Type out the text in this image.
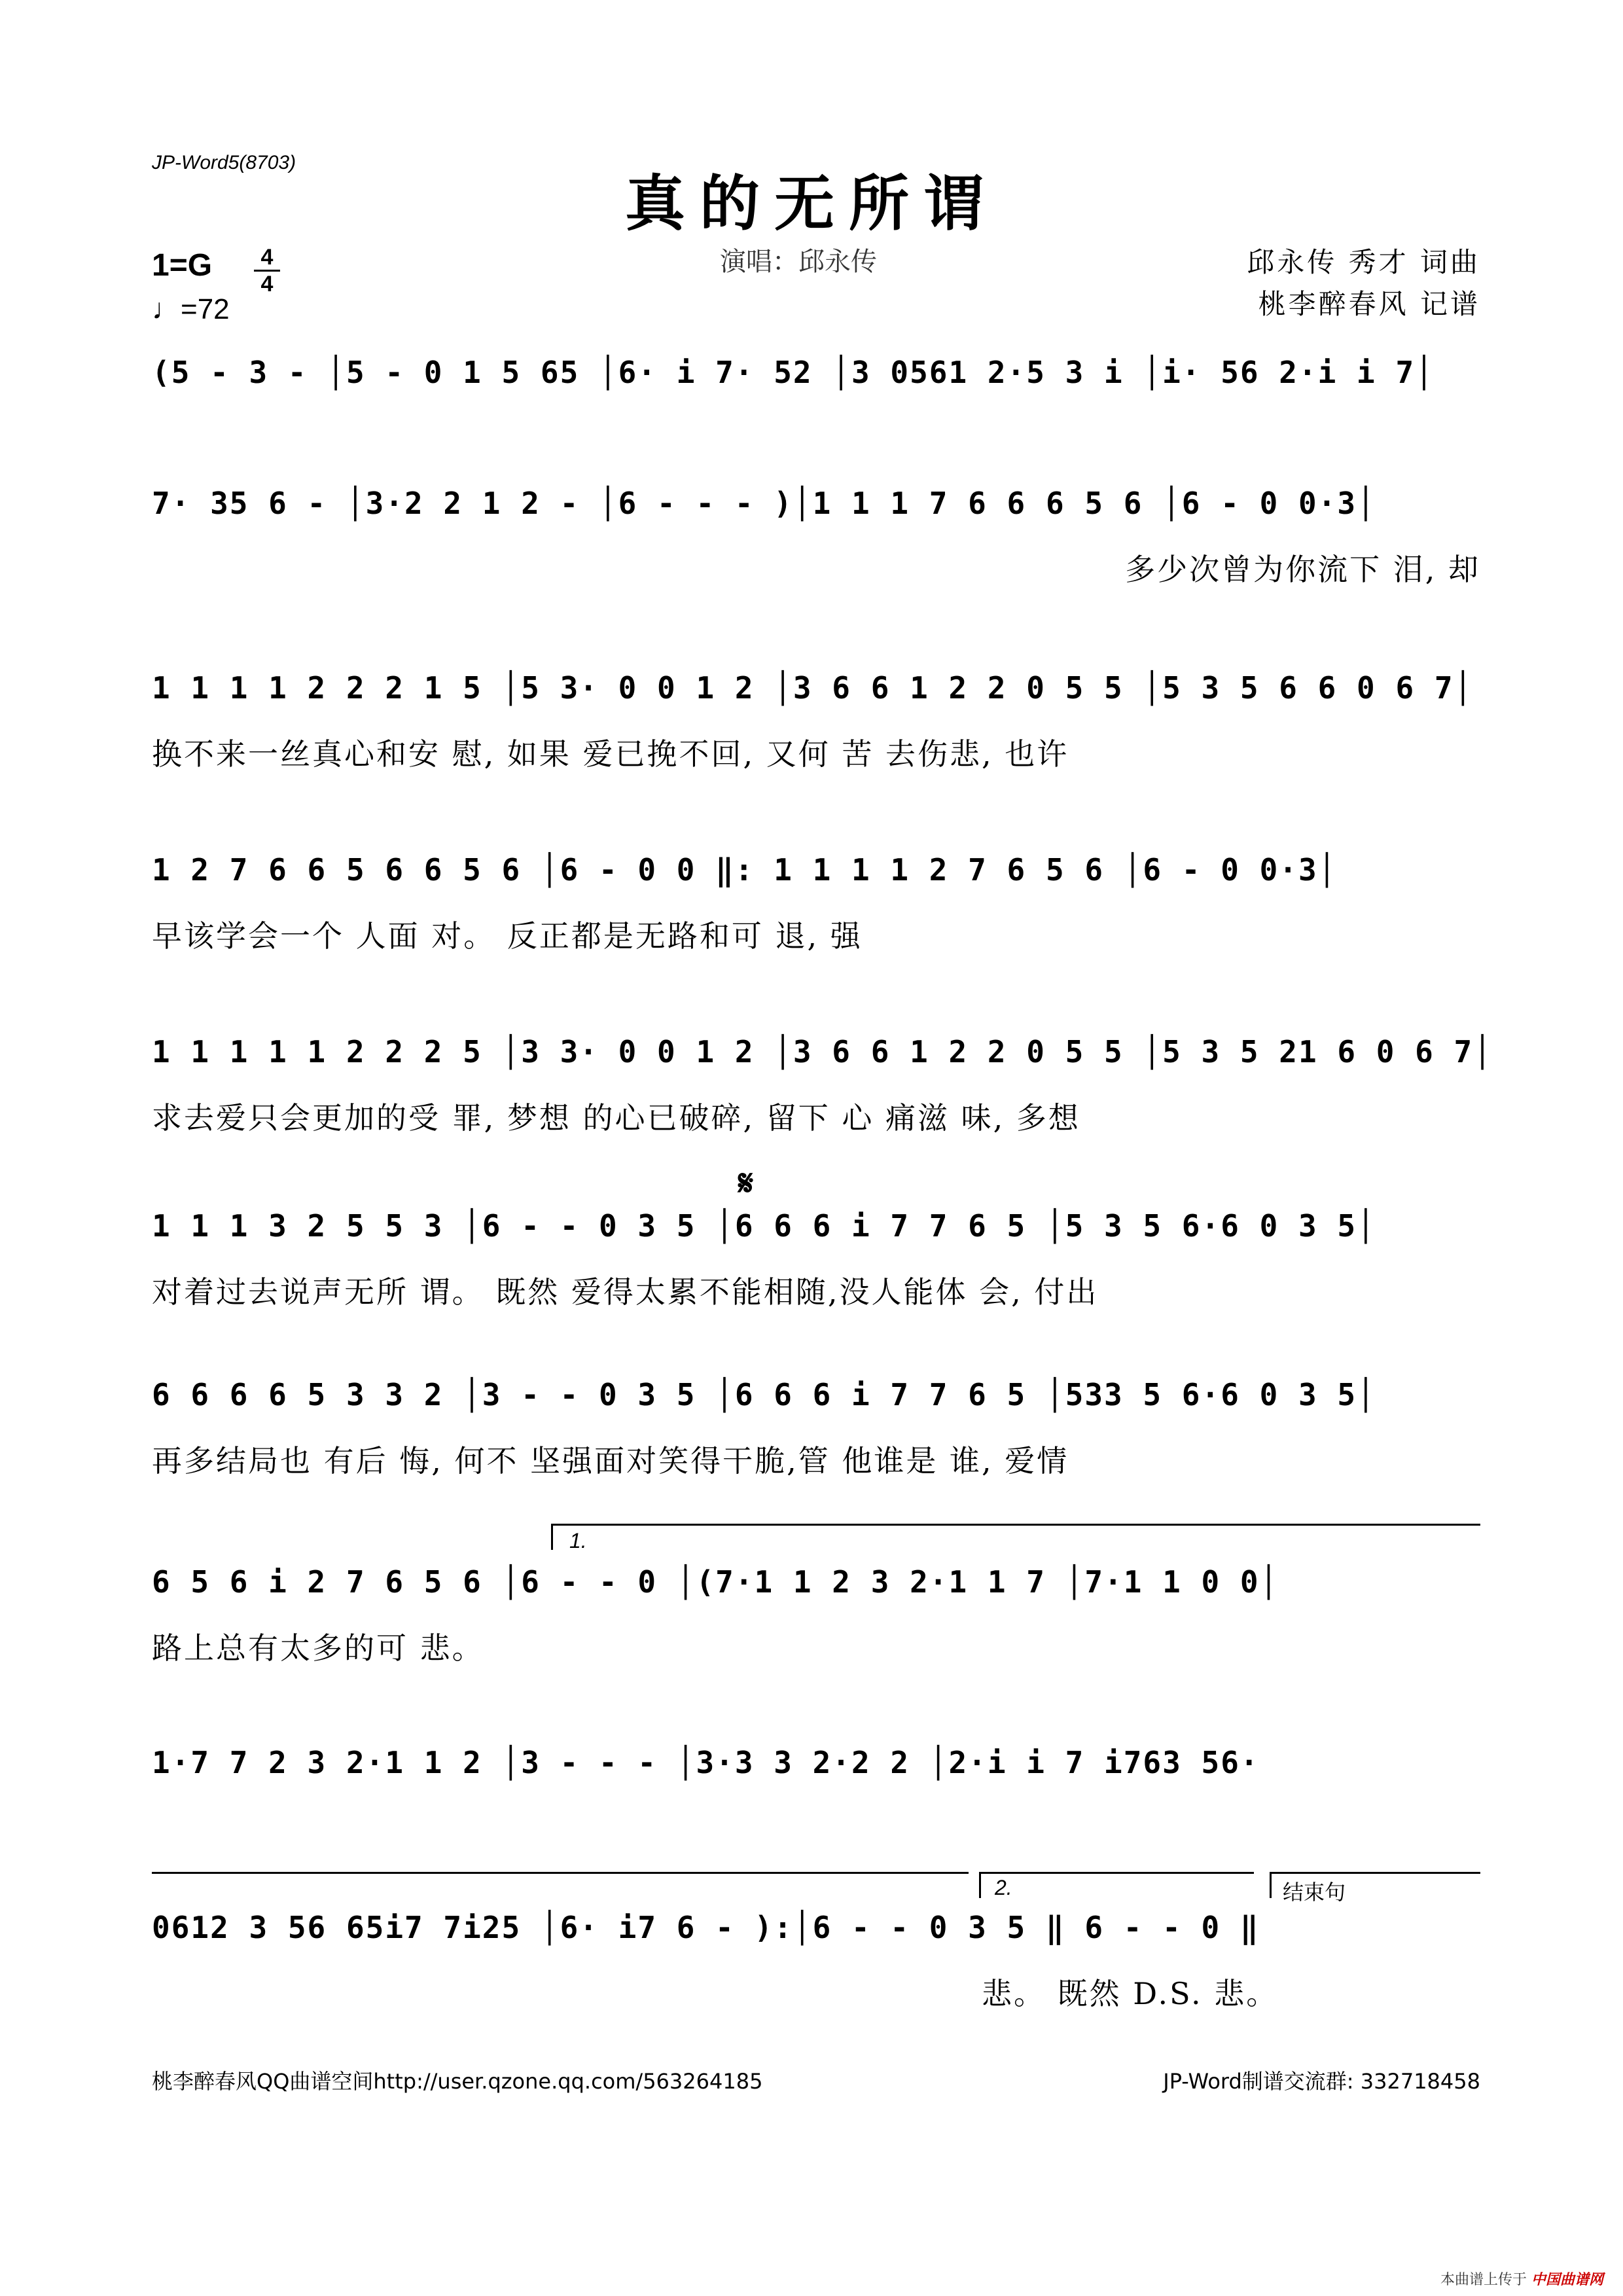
JP-Word5(8703)
真的无所谓
演唱：邱永传	邱永传 秀才 词曲
桃李醉春风 记谱
1=G	4
4
♩=72
(5 - 3 - │5 - 0 1 5 65 │6· i 7· 52 │3 0561 2·5 3 i │i· 56 2·i i 7│
7· 35 6 - │3·2 2 1 2 - │6 - - - )│1 1 1 7 6 6 6 5 6 │6 - 0 0·3│
多少次曾为你流下 泪, 却
1 1 1 1 2 2 2 1 5 │5 3· 0 0 1 2 │3 6 6 1 2 2 0 5 5 │5 3 5 6 6 0 6 7│
换不来一丝真心和安 慰, 如果 爱已挽不回, 又何 苦 去伤悲, 也许
1 2 7 6 6 5 6 6 5 6 │6 - 0 0 ‖: 1 1 1 1 2 7 6 5 6 │6 - 0 0·3│
早该学会一个 人面 对。 反正都是无路和可 退, 强
1 1 1 1 1 2 2 2 5 │3 3· 0 0 1 2 │3 6 6 1 2 2 0 5 5 │5 3 5 21 6 0 6 7│
求去爱只会更加的受 罪, 梦想 的心已破碎, 留下 心 痛滋 味, 多想
𝄋
1 1 1 3 2 5 5 3 │6 - - 0 3 5 │6 6 6 i 7 7 6 5 │5 3 5 6·6 0 3 5│
对着过去说声无所 谓。 既然 爱得太累不能相随,没人能体 会, 付出
6 6 6 6 5 3 3 2 │3 - - 0 3 5 │6 6 6 i 7 7 6 5 │533 5 6·6 0 3 5│
再多结局也 有后 悔, 何不 坚强面对笑得干脆,管 他谁是 谁, 爱情
1.
6 5 6 i 2 7 6 5 6 │6 - - 0 │(7·1 1 2 3 2·1 1 7 │7·1 1 0 0│
路上总有太多的可 悲。
1·7 7 2 3 2·1 1 2 │3 - - - │3·3 3 2·2 2 │2·i i 7 i763 56·
2.	结束句
0612 3 56 65i7 7i25 │6· i7 6 - ):│6 - - 0 3 5 ‖ 6 - - 0 ‖
悲。 既然 D.S. 悲。
桃李醉春风QQ曲谱空间http://user.qzone.qq.com/563264185	JP-Word制谱交流群: 332718458
本曲谱上传于 中国曲谱网
